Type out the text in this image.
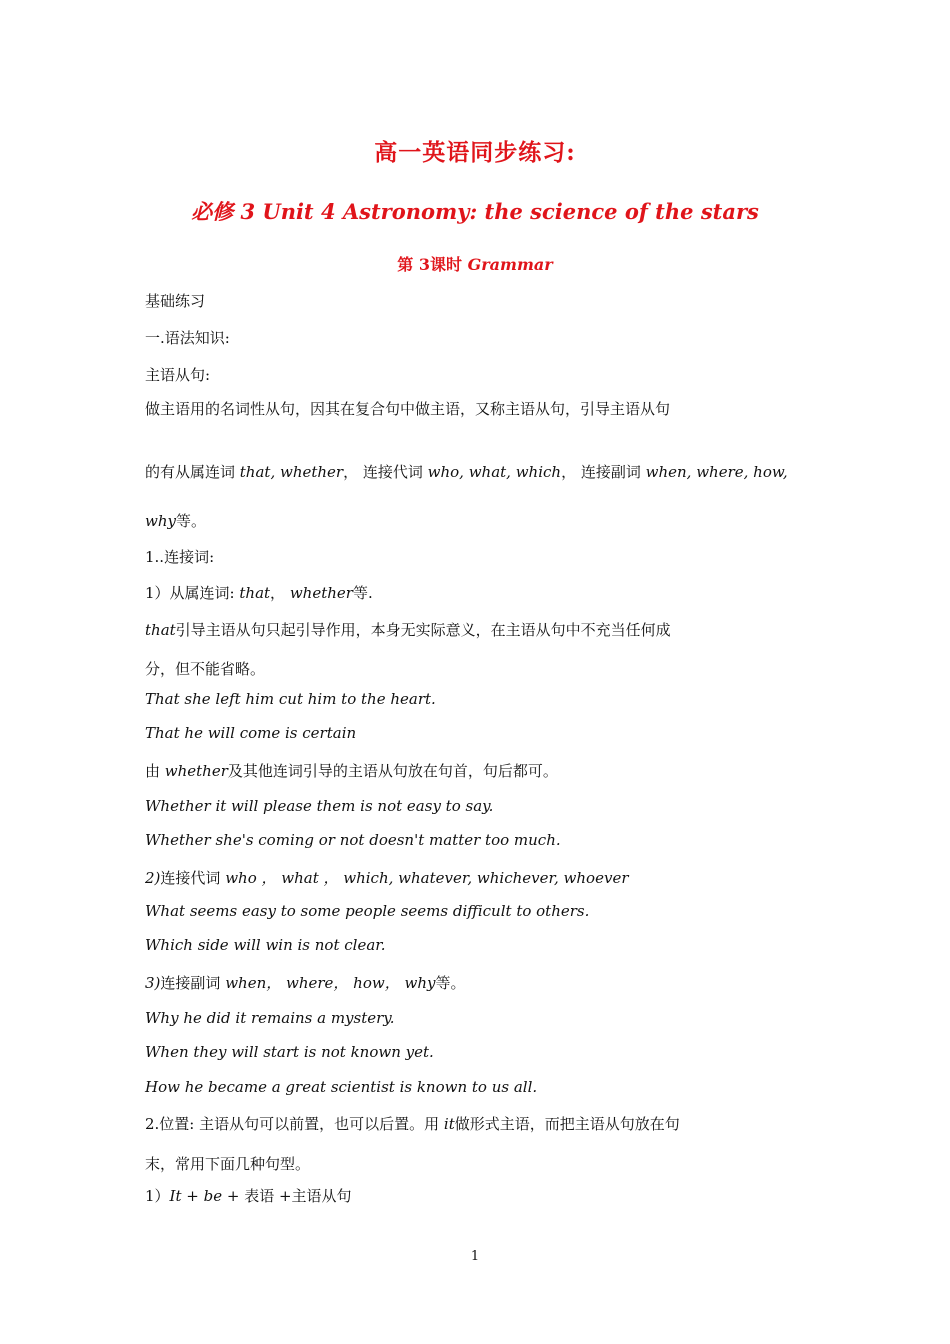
高一英语同步练习:
必修 3 Unit 4 Astronomy: the science of the stars
第 3课时 Grammar
基础练习
一.语法知识:
主语从句:
做主语用的名词性从句，因其在复合句中做主语，又称主语从句，引导主语从句
的有从属连词 that, whether， 连接代词 who, what, which， 连接副词 when, where, how,
why等。
1..连接词:
1）从属连词: that， whether等.
that引导主语从句只起引导作用，本身无实际意义，在主语从句中不充当任何成
分，但不能省略。
That she left him cut him to the heart.
That he will come is certain
由 whether及其他连词引导的主语从句放在句首，句后都可。
Whether it will please them is not easy to say.
Whether she's coming or not doesn't matter too much.
2)连接代词 who ， what ， which, whatever, whichever, whoever
What seems easy to some people seems difficult to others.
Which side will win is not clear.
3)连接副词 when， where， how， why等。
Why he did it remains a mystery.
When they will start is not known yet.
How he became a great scientist is known to us all.
2.位置: 主语从句可以前置，也可以后置。用 it做形式主语，而把主语从句放在句
末，常用下面几种句型。
1）It + be + 表语 +主语从句
1
